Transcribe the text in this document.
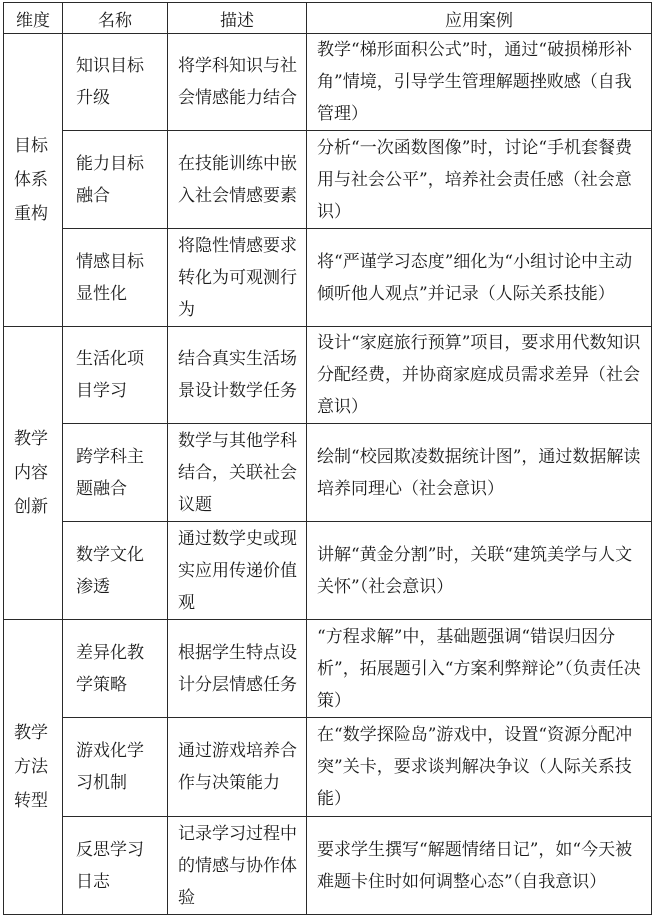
维度	名称	描述	应用案例
目标体系重构	知识目标升级	将学科知识与社会情感能力结合	教学“梯形面积公式”时，通过“破损梯形补角”情境，引导学生管理解题挫败感（自我管理）
	能力目标融合	在技能训练中嵌入社会情感要素	分析“一次函数图像”时，讨论“手机套餐费用与社会公平”，培养社会责任感（社会意识）
	情感目标显性化	将隐性情感要求转化为可观测行为	将“严谨学习态度”细化为“小组讨论中主动倾听他人观点”并记录（人际关系技能）
教学内容创新	生活化项目学习	结合真实生活场景设计数学任务	设计“家庭旅行预算”项目，要求用代数知识分配经费，并协商家庭成员需求差异（社会意识）
	跨学科主题融合	数学与其他学科结合，关联社会议题	绘制“校园欺凌数据统计图”，通过数据解读培养同理心（社会意识）
	数学文化渗透	通过数学史或现实应用传递价值观	讲解“黄金分割”时，关联“建筑美学与人文关怀”（社会意识）
教学方法转型	差异化教学策略	根据学生特点设计分层情感任务	“方程求解”中，基础题强调“错误归因分析”，拓展题引入“方案利弊辩论”（负责任决策）
	游戏化学习机制	通过游戏培养合作与决策能力	在“数学探险岛”游戏中，设置“资源分配冲突”关卡，要求谈判解决争议（人际关系技能）
	反思学习日志	记录学习过程中的情感与协作体验	要求学生撰写“解题情绪日记”，如“今天被难题卡住时如何调整心态”（自我意识）
